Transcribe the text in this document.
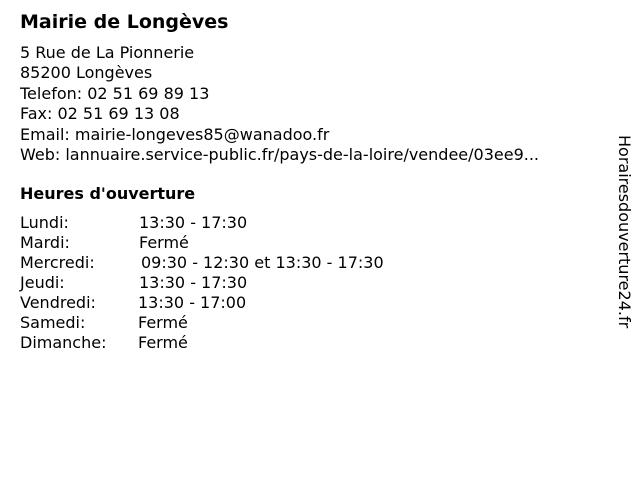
Mairie de Longèves
5 Rue de La Pionnerie
85200 Longèves
Telefon: 02 51 69 89 13
Fax: 02 51 69 13 08
Email: mairie-longeves85@wanadoo.fr
Web: lannuaire.service-public.fr/pays-de-la-loire/vendee/03ee9...
Heures d'ouverture
Lundi:	13:30 - 17:30
Mardi:	Fermé
Mercredi:	09:30 - 12:30 et 13:30 - 17:30
Jeudi:	13:30 - 17:30
Vendredi:	13:30 - 17:00
Samedi:	Fermé
Dimanche: Fermé
Horairesdouverture24.fr
